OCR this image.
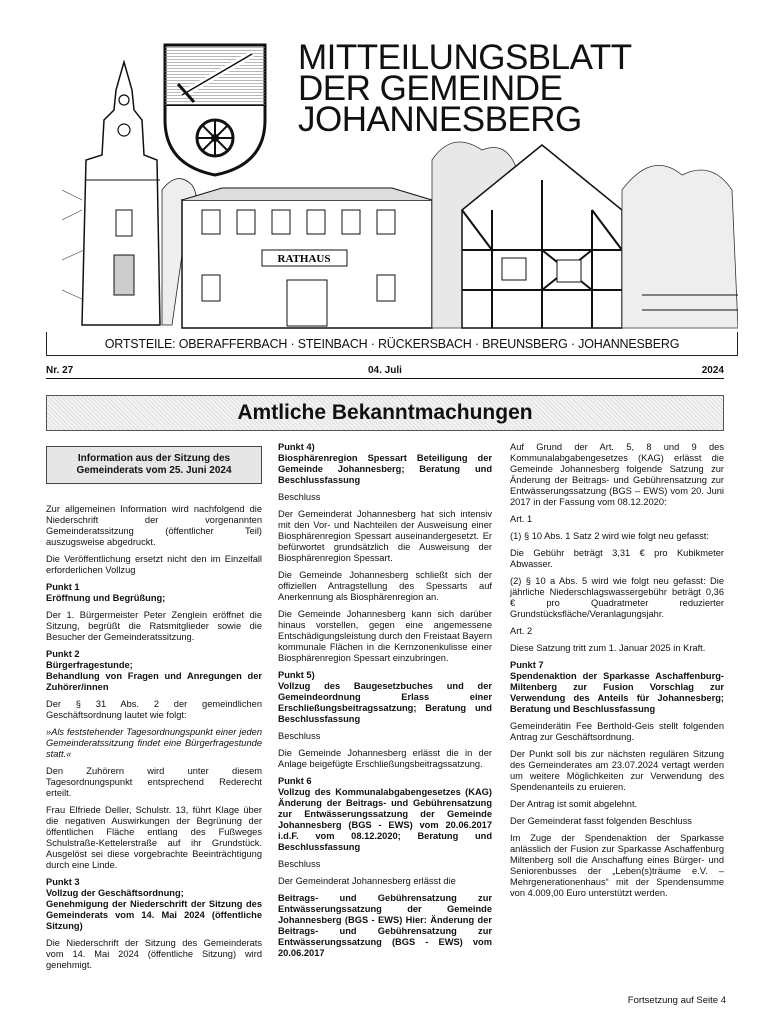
MITTEILUNGSBLATT
DER GEMEINDE
JOHANNESBERG
RATHAUS
ORTSTEILE: OBERAFFERBACH · STEINBACH · RÜCKERSBACH · BREUNSBERG · JOHANNESBERG
Nr. 27	04. Juli	2024
Amtliche Bekanntmachungen
Information aus der Sitzung des Gemeinderats vom 25. Juni 2024

Zur allgemeinen Information wird nachfolgend die Niederschrift der vorgenannten Gemeinderatssitzung (öffentlicher Teil) auszugsweise abgedruckt.

Die Veröffentlichung ersetzt nicht den im Einzelfall erforderlichen Vollzug

Punkt 1

Eröffnung und Begrüßung;

Der 1. Bürgermeister Peter Zenglein eröffnet die Sitzung, begrüßt die Ratsmitglieder sowie die Besucher der Gemeinderatssitzung.

Punkt 2

Bürgerfragestunde;

Behandlung von Fragen und Anregungen der Zuhörer/innen

Der § 31 Abs. 2 der gemeindlichen Geschäftsordnung lautet wie folgt:

»Als feststehender Tagesordnungspunkt einer jeden Gemeinderatssitzung findet eine Bürgerfragestunde statt.«

Den Zuhörern wird unter diesem Tagesordnungspunkt entsprechend Rederecht erteilt.

Frau Elfriede Deller, Schulstr. 13, führt Klage über die negativen Auswirkungen der Begrünung der öffentlichen Fläche entlang des Fußweges Schulstraße-Kettelerstraße auf ihr Grundstück. Ausgelöst sei diese vorgebrachte Beeinträchtigung durch eine Linde.

Punkt 3

Vollzug der Geschäftsordnung;

Genehmigung der Niederschrift der Sitzung des Gemeinderats vom 14. Mai 2024 (öffentliche Sitzung)

Die Niederschrift der Sitzung des Gemeinderats vom 14. Mai 2024 (öffentliche Sitzung) wird genehmigt.

Punkt 4)

Biosphärenregion Spessart Beteiligung der Gemeinde Johannesberg; Beratung und Beschlussfassung

Beschluss

Der Gemeinderat Johannesberg hat sich intensiv mit den Vor- und Nachteilen der Ausweisung einer Biosphärenregion Spessart auseinandergesetzt. Er befürwortet grundsätzlich die Ausweisung der Biosphärenregion Spessart.

Die Gemeinde Johannesberg schließt sich der offiziellen Antragstellung des Spessarts auf Anerkennung als Biosphärenregion an.

Die Gemeinde Johannesberg kann sich darüber hinaus vorstellen, gegen eine angemessene Entschädigungsleistung durch den Freistaat Bayern kommunale Flächen in die Kernzonenkulisse einer Biosphärenregion Spessart einzubringen.

Punkt 5)

Vollzug des Baugesetzbuches und der Gemeindeordnung Erlass einer Erschließungsbeitragssatzung; Beratung und Beschlussfassung

Beschluss

Die Gemeinde Johannesberg erlässt die in der Anlage beigefügte Erschließungsbeitragssatzung.

Punkt 6

Vollzug des Kommunalabgabengesetzes (KAG) Änderung der Beitrags- und Gebührensatzung zur Entwässerungssatzung der Gemeinde Johannesberg (BGS - EWS) vom 20.06.2017 i.d.F. vom 08.12.2020; Beratung und Beschlussfassung

Beschluss

Der Gemeinderat Johannesberg erlässt die

Beitrags- und Gebührensatzung zur Entwässerungssatzung der Gemeinde Johannesberg (BGS - EWS) Hier: Änderung der Beitrags- und Gebührensatzung zur Entwässerungssatzung (BGS - EWS) vom 20.06.2017

Auf Grund der Art. 5, 8 und 9 des Kommunalabgabengesetzes (KAG) erlässt die Gemeinde Johannesberg folgende Satzung zur Änderung der Beitrags- und Gebührensatzung zur Entwässerungssatzung (BGS – EWS) vom 20. Juni 2017 in der Fassung vom 08.12.2020:

Art. 1

(1) § 10 Abs. 1 Satz 2 wird wie folgt neu gefasst:

Die Gebühr beträgt 3,31 € pro Kubikmeter Abwasser.

(2) § 10 a Abs. 5 wird wie folgt neu gefasst: Die jährliche Niederschlagswassergebühr beträgt 0,36 € pro Quadratmeter reduzierter Grundstücksfläche/Veranlagungsjahr.

Art. 2

Diese Satzung tritt zum 1. Januar 2025 in Kraft.

Punkt 7

Spendenaktion der Sparkasse Aschaffenburg-Miltenberg zur Fusion Vorschlag zur Verwendung des Anteils für Johannesberg; Beratung und Beschlussfassung

Gemeinderätin Fee Berthold-Geis stellt folgenden Antrag zur Geschäftsordnung.

Der Punkt soll bis zur nächsten regulären Sitzung des Gemeinderates am 23.07.2024 vertagt werden um weitere Möglichkeiten zur Verwendung des Spendenanteils zu eruieren.

Der Antrag ist somit abgelehnt.

Der Gemeinderat fasst folgenden Beschluss

Im Zuge der Spendenaktion der Sparkasse anlässlich der Fusion zur Sparkasse Aschaffenburg Miltenberg soll die Anschaffung eines Bürger- und Seniorenbusses der „Leben(s)träume e.V. – Mehrgenerationenhaus“ mit der Spendensumme von 4.009,00 Euro unterstützt werden.

Fortsetzung auf Seite 4
